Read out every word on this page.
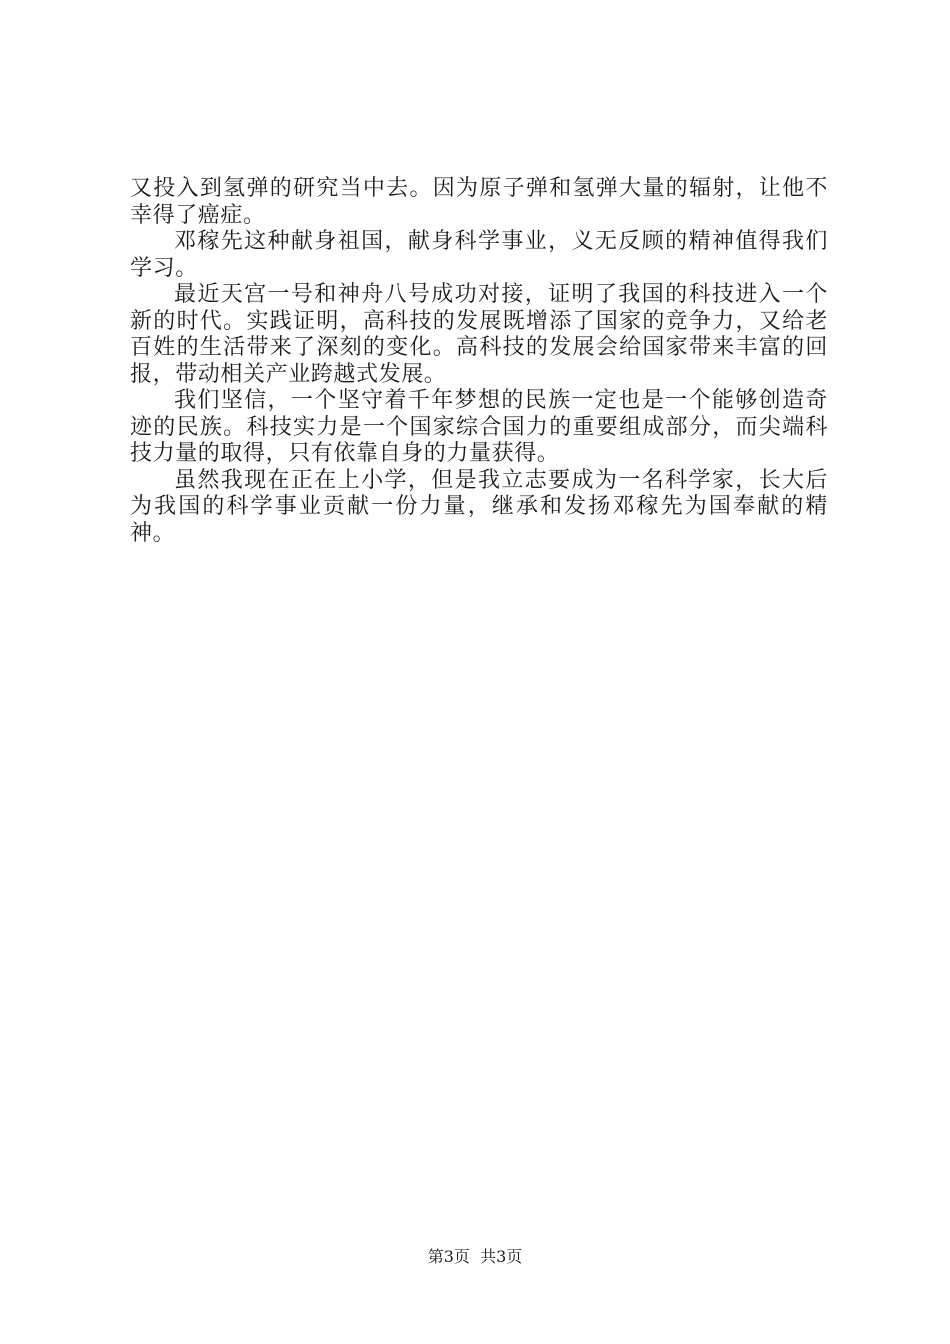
又投入到氢弹的研究当中去。因为原子弹和氢弹大量的辐射，让他不幸得了癌症。

邓稼先这种献身祖国，献身科学事业，义无反顾的精神值得我们学习。

最近天宫一号和神舟八号成功对接，证明了我国的科技进入一个新的时代。实践证明，高科技的发展既增添了国家的竞争力，又给老百姓的生活带来了深刻的变化。高科技的发展会给国家带来丰富的回报，带动相关产业跨越式发展。

我们坚信，一个坚守着千年梦想的民族一定也是一个能够创造奇迹的民族。科技实力是一个国家综合国力的重要组成部分，而尖端科技力量的取得，只有依靠自身的力量获得。

虽然我现在正在上小学，但是我立志要成为一名科学家，长大后为我国的科学事业贡献一份力量，继承和发扬邓稼先为国奉献的精神。

第3页  共3页
